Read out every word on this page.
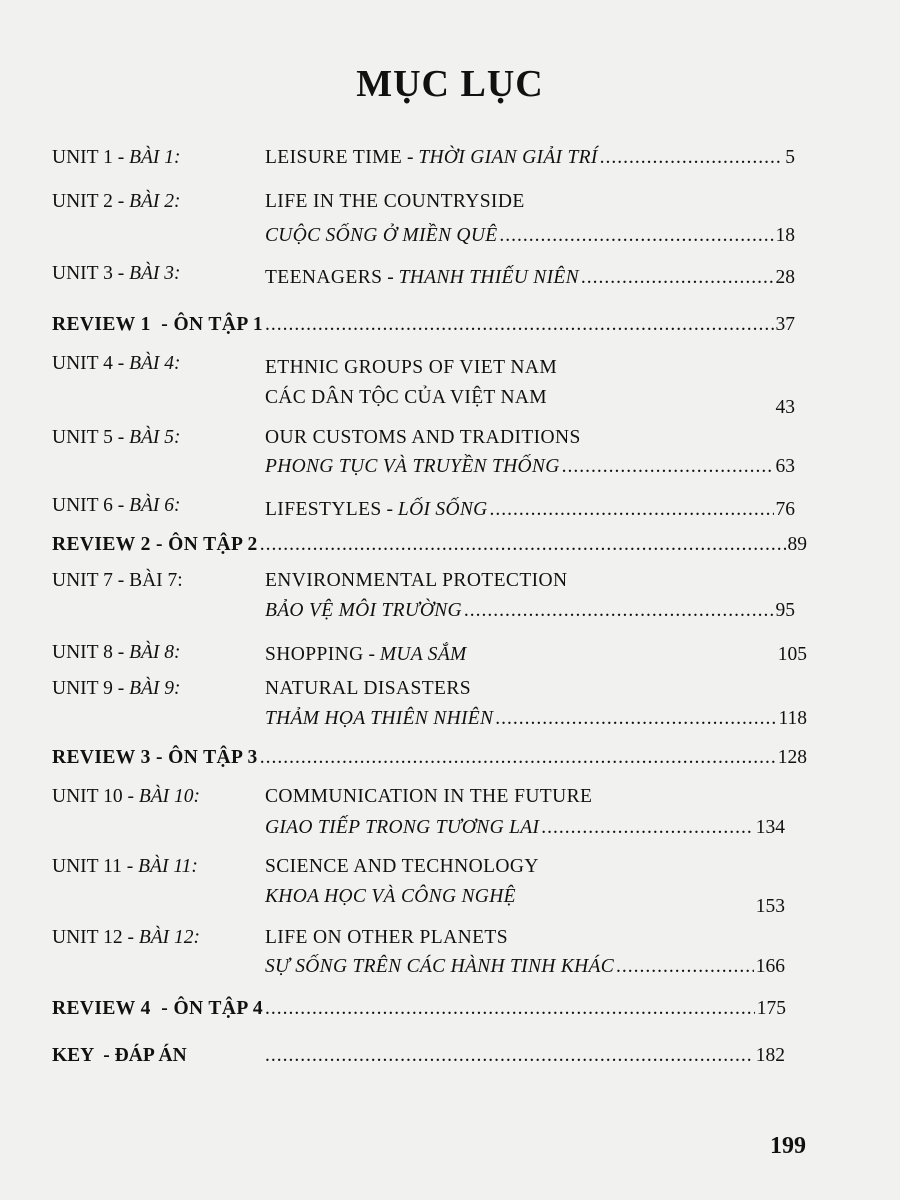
MỤC LỤC
UNIT 1 - BÀI 1:	LEISURE TIME - THỜI GIAN GIẢI TRÍ .....	5
UNIT 2 - BÀI 2:	LIFE IN THE COUNTRYSIDE
CUỘC SỐNG Ở MIỀN QUÊ .....	18
UNIT 3 - BÀI 3:	TEENAGERS - THANH THIẾU NIÊN .....	28
REVIEW 1  - ÔN TẬP 1 .....	37
UNIT 4 - BÀI 4:	ETHNIC GROUPS OF VIET NAM
CÁC DÂN TỘC CỦA VIỆT NAM	43
UNIT 5 - BÀI 5:	OUR CUSTOMS AND TRADITIONS
PHONG TỤC VÀ TRUYỀN THỐNG .....	63
UNIT 6 - BÀI 6:	LIFESTYLES - LỐI SỐNG .....	76
REVIEW 2 - ÔN TẬP 2 .....	89
UNIT 7 - BÀI 7:	ENVIRONMENTAL PROTECTION
BẢO VỆ MÔI TRƯỜNG .....	95
UNIT 8 - BÀI 8:	SHOPPING - MUA SẮM	105
UNIT 9 - BÀI 9:	NATURAL DISASTERS
THẢM HỌA THIÊN NHIÊN .....	118
REVIEW 3 - ÔN TẬP 3 .....	128
UNIT 10 - BÀI 10:	COMMUNICATION IN THE FUTURE
GIAO TIẾP TRONG TƯƠNG LAI .....	134
UNIT 11 - BÀI 11:	SCIENCE AND TECHNOLOGY
KHOA HỌC VÀ CÔNG NGHỆ	153
UNIT 12 - BÀI 12:	LIFE ON OTHER PLANETS
SỰ SỐNG TRÊN CÁC HÀNH TINH KHÁC .....	166
REVIEW 4  - ÔN TẬP 4 .....	175
KEY  - ĐÁP ÁN .....	182
199
